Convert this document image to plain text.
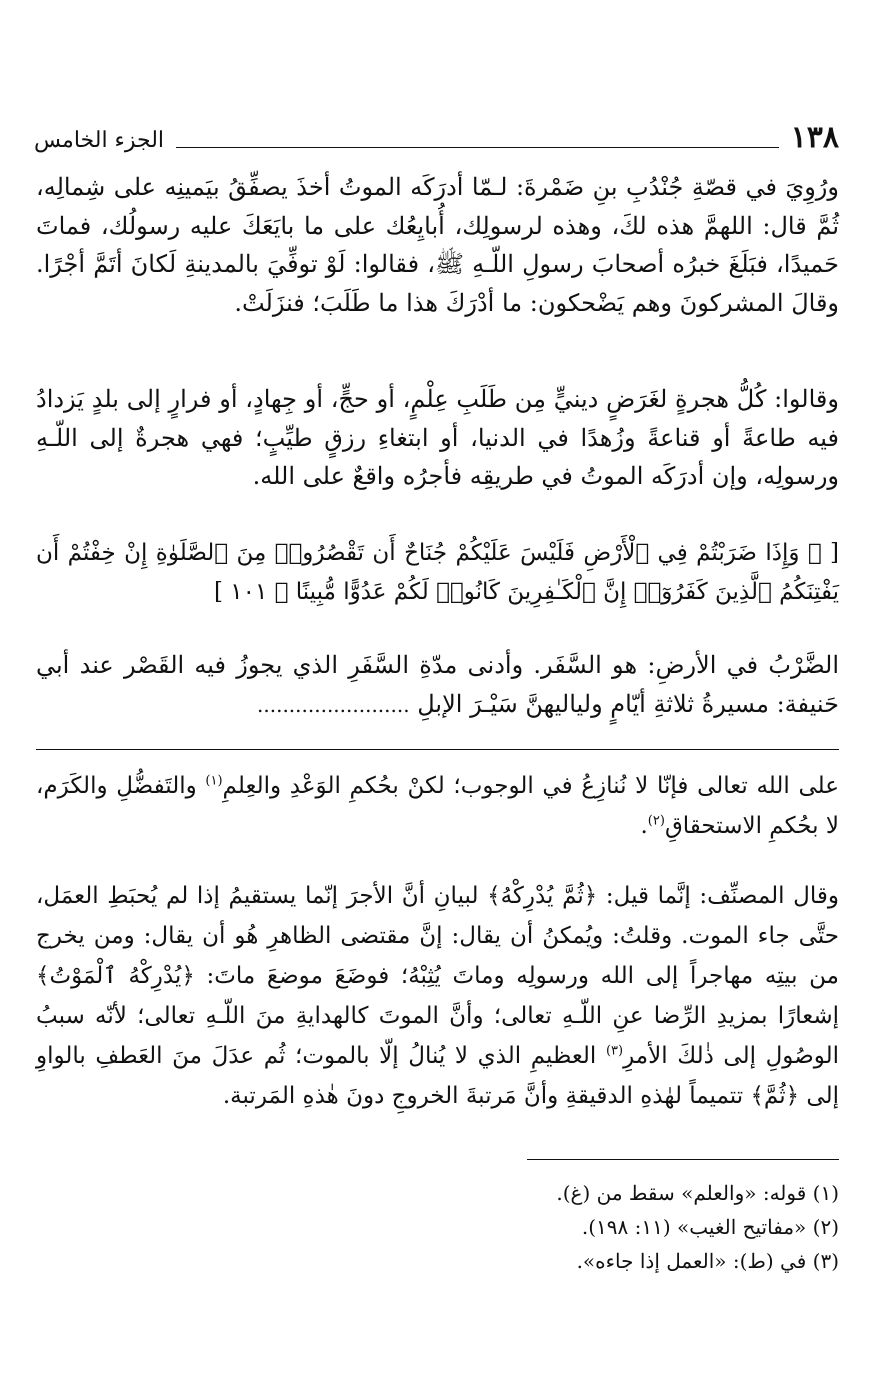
الجزء الخامس	١٣٨

ورُوِيَ في قصّةِ جُنْدُبِ بنِ ضَمْرةَ: لـمّا أدرَكَه الموتُ أخذَ يصفِّقُ بيَمينِه على شِمالِه، ثُمَّ قال: اللهمَّ هذه لكَ، وهذه لرسولِك، أُبايِعُك على ما بايَعَكَ عليه رسولُك، فماتَ حَميدًا، فبَلَغَ خبرُه أصحابَ رسولِ اللّـهِ ﷺ، فقالوا: لَوْ توفِّيَ بالمدينةِ لَكانَ أتَمَّ أجْرًا. وقالَ المشركونَ وهم يَضْحكون: ما أدْرَكَ هذا ما طَلَبَ؛ فنزَلَتْ.

وقالوا: كُلُّ هجرةٍ لغَرَضٍ دينيٍّ مِن طَلَبِ عِلْمٍ، أو حجٍّ، أو جِهادٍ، أو فرارٍ إلى بلدٍ يَزدادُ فيه طاعةً أو قناعةً وزُهدًا في الدنيا، أو ابتغاءِ رزقٍ طيِّبٍ؛ فهي هجرةٌ إلى اللّـهِ ورسولِه، وإن أدرَكَه الموتُ في طريقِه فأجرُه واقعٌ على الله.

[ ﴿ وَإِذَا ضَرَبْتُمْ فِي ٱلْأَرْضِ فَلَيْسَ عَلَيْكُمْ جُنَاحٌ أَن تَقْصُرُوا۟ مِنَ ٱلصَّلَوٰةِ إِنْ خِفْتُمْ أَن يَفْتِنَكُمُ ٱلَّذِينَ كَفَرُوٓا۟ إِنَّ ٱلْكَـٰفِرِينَ كَانُوا۟ لَكُمْ عَدُوًّا مُّبِينًا ﴾ ١٠١ ]

الضَّرْبُ في الأرضِ: هو السَّفَر. وأدنى مدّةِ السَّفَرِ الذي يجوزُ فيه القَصْر عند أبي حَنيفة: مسيرةُ ثلاثةِ أيّامٍ ولياليهنَّ سَيْـرَ الإبلِ ........................

على الله تعالى فإنّا لا نُنازِعُ في الوجوب؛ لكنْ بحُكمِ الوَعْدِ والعِلمِ$^{(١)}$ والتَفضُّلِ والكَرَم، لا بحُكمِ الاستحقاقِ$^{(٢)}$.

وقال المصنِّف: إنَّما قيل: ﴿ثُمَّ يُدْرِكْهُ﴾ لبيانِ أنَّ الأجرَ إنّما يستقيمُ إذا لم يُحبَطِ العمَل، حتَّى جاء الموت. وقلتُ: ويُمكنُ أن يقال: إنَّ مقتضى الظاهرِ هُو أن يقال: ومن يخرج من بيتِه مهاجراً إلى الله ورسولِه وماتَ يُثِبْهُ؛ فوضَعَ موضعَ ماتَ: ﴿يُدْرِكْهُ ٱلْمَوْتُ﴾ إشعارًا بمزيدِ الرِّضا عنِ اللّـهِ تعالى؛ وأنَّ الموتَ كالهدايةِ منَ اللّـهِ تعالى؛ لأنّه سببُ الوصُولِ إلى ذٰلكَ الأمرِ$^{(٣)}$ العظيمِ الذي لا يُنالُ إلّا بالموت؛ ثُم عدَلَ منَ العَطفِ بالواوِ إلى ﴿ثُمَّ﴾ تتميماً لهٰذهِ الدقيقةِ وأنَّ مَرتبةَ الخروجِ دونَ هٰذهِ المَرتبة.

(١) قوله: «والعلم» سقط من (غ).
(٢) «مفاتيح الغيب» (١١: ١٩٨).
(٣) في (ط): «العمل إذا جاءه».
